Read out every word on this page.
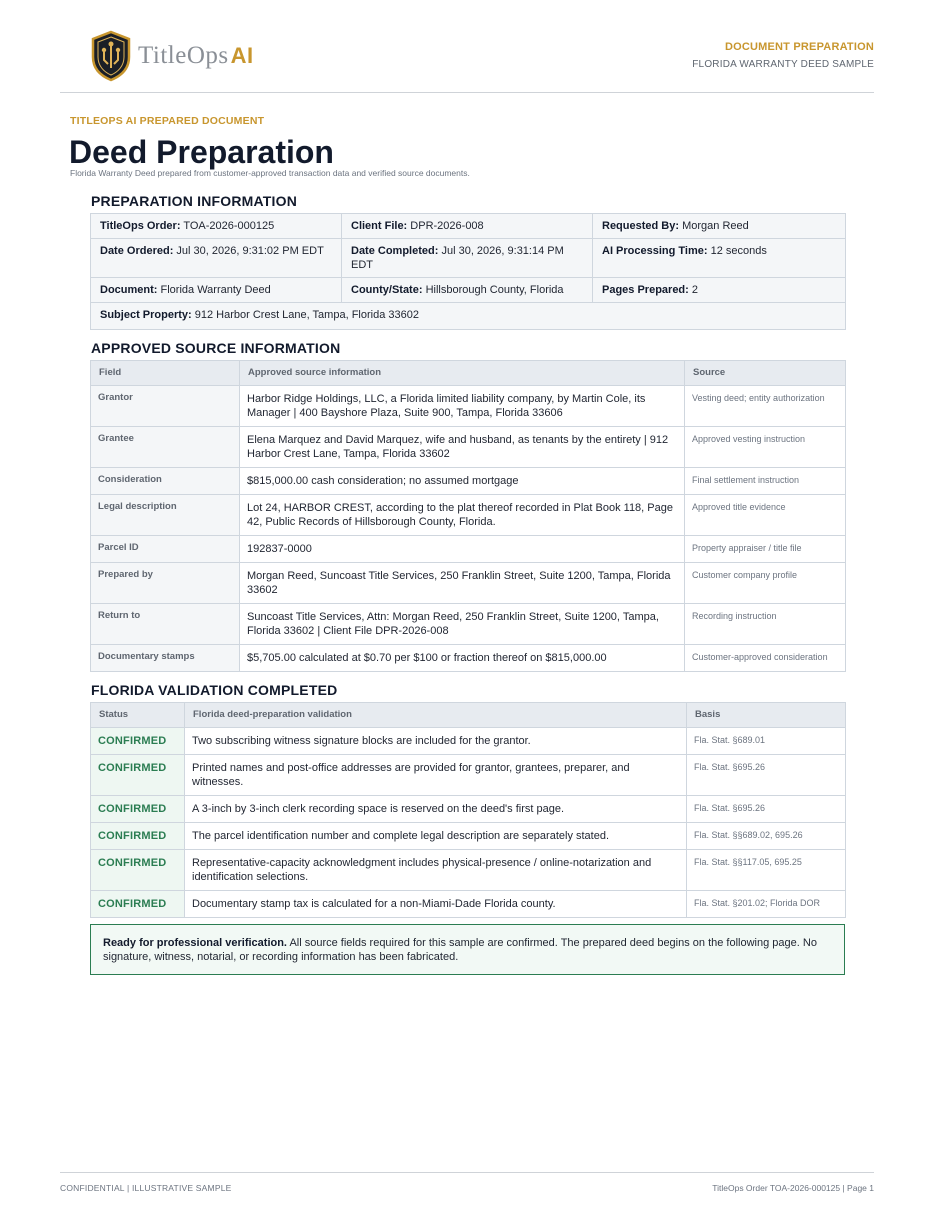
TitleOpsAI	DOCUMENT PREPARATION
FLORIDA WARRANTY DEED SAMPLE
TITLEOPS AI PREPARED DOCUMENT
Deed Preparation
Florida Warranty Deed prepared from customer-approved transaction data and verified source documents.
PREPARATION INFORMATION
TitleOps Order: TOA-2026-000125	Client File: DPR-2026-008	Requested By: Morgan Reed
Date Ordered: Jul 30, 2026, 9:31:02 PM EDT	Date Completed: Jul 30, 2026, 9:31:14 PM EDT	AI Processing Time: 12 seconds
Document: Florida Warranty Deed	County/State: Hillsborough County, Florida	Pages Prepared: 2
Subject Property: 912 Harbor Crest Lane, Tampa, Florida 33602		
APPROVED SOURCE INFORMATION
Field	Approved source information	Source
Grantor	Harbor Ridge Holdings, LLC, a Florida limited liability company, by Martin Cole, its Manager | 400 Bayshore Plaza, Suite 900, Tampa, Florida 33606	Vesting deed; entity authorization
Grantee	Elena Marquez and David Marquez, wife and husband, as tenants by the entirety | 912 Harbor Crest Lane, Tampa, Florida 33602	Approved vesting instruction
Consideration	$815,000.00 cash consideration; no assumed mortgage	Final settlement instruction
Legal description	Lot 24, HARBOR CREST, according to the plat thereof recorded in Plat Book 118, Page 42, Public Records of Hillsborough County, Florida.	Approved title evidence
Parcel ID	192837-0000	Property appraiser / title file
Prepared by	Morgan Reed, Suncoast Title Services, 250 Franklin Street, Suite 1200, Tampa, Florida 33602	Customer company profile
Return to	Suncoast Title Services, Attn: Morgan Reed, 250 Franklin Street, Suite 1200, Tampa, Florida 33602 | Client File DPR-2026-008	Recording instruction
Documentary stamps	$5,705.00 calculated at $0.70 per $100 or fraction thereof on $815,000.00	Customer-approved consideration
FLORIDA VALIDATION COMPLETED
Status	Florida deed-preparation validation	Basis
CONFIRMED	Two subscribing witness signature blocks are included for the grantor.	Fla. Stat. §689.01
CONFIRMED	Printed names and post-office addresses are provided for grantor, grantees, preparer, and witnesses.	Fla. Stat. §695.26
CONFIRMED	A 3-inch by 3-inch clerk recording space is reserved on the deed's first page.	Fla. Stat. §695.26
CONFIRMED	The parcel identification number and complete legal description are separately stated.	Fla. Stat. §§689.02, 695.26
CONFIRMED	Representative-capacity acknowledgment includes physical-presence / online-notarization and identification selections.	Fla. Stat. §§117.05, 695.25
CONFIRMED	Documentary stamp tax is calculated for a non-Miami-Dade Florida county.	Fla. Stat. §201.02; Florida DOR
Ready for professional verification. All source fields required for this sample are confirmed. The prepared deed begins on the following page. No signature, witness, notarial, or recording information has been fabricated.
CONFIDENTIAL | ILLUSTRATIVE SAMPLE	TitleOps Order TOA-2026-000125 | Page 1
